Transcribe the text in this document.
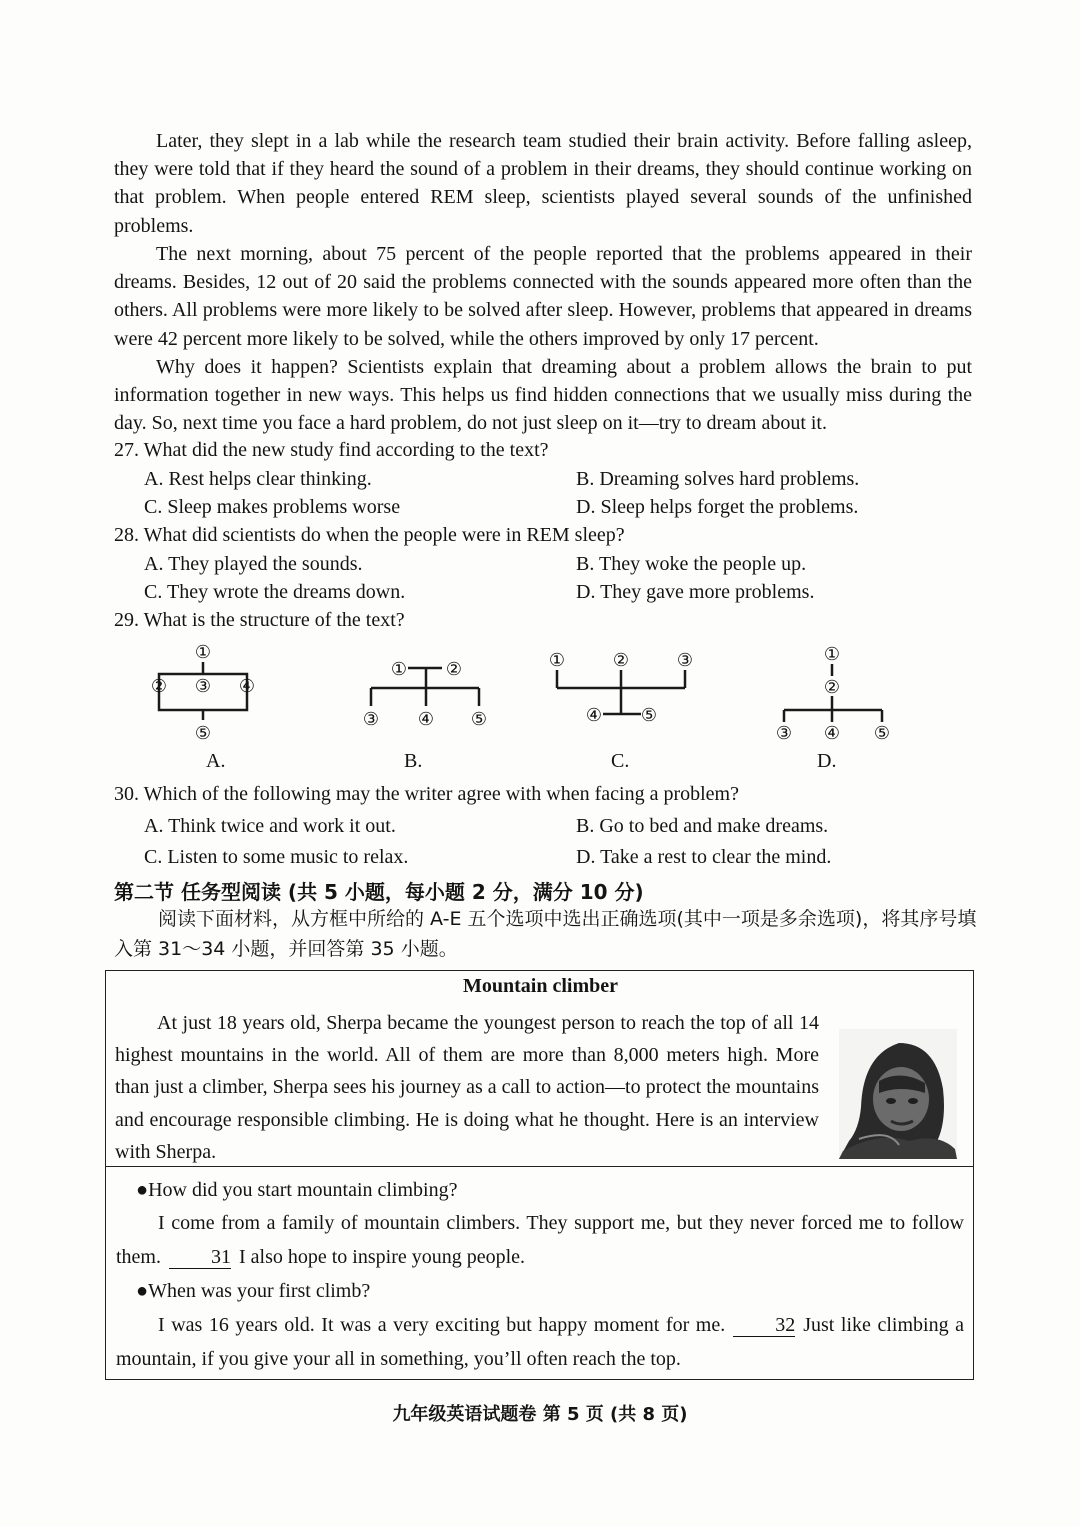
Later, they slept in a lab while the research team studied their brain activity. Before falling asleep, they were told that if they heard the sound of a problem in their dreams, they should continue working on that problem. When people entered REM sleep, scientists played several sounds of the unfinished problems.

The next morning, about 75 percent of the people reported that the problems appeared in their dreams. Besides, 12 out of 20 said the problems connected with the sounds appeared more often than the others. All problems were more likely to be solved after sleep. However, problems that appeared in dreams were 42 percent more likely to be solved, while the others improved by only 17 percent.

Why does it happen? Scientists explain that dreaming about a problem allows the brain to put information together in new ways. This helps us find hidden connections that we usually miss during the day. So, next time you face a hard problem, do not just sleep on it—try to dream about it.

27. What did the new study find according to the text?

A. Rest helps clear thinking.	B. Dreaming solves hard problems.
C. Sleep makes problems worse	D. Sleep helps forget the problems.

28. What did scientists do when the people were in REM sleep?

A. They played the sounds.	B. They woke the people up.
C. They wrote the dreams down.	D. They gave more problems.

29. What is the structure of the text?

①
② ③ ④
⑤
A.
① ②
③ ④ ⑤
B.
①	②	③
④ ⑤
C.
①
②
③ ④ ⑤
D.

30. Which of the following may the writer agree with when facing a problem?

A. Think twice and work it out.	B. Go to bed and make dreams.
C. Listen to some music to relax.	D. Take a rest to clear the mind.
第二节 任务型阅读 (共 5 小题，每小题 2 分，满分 10 分)

阅读下面材料，从方框中所给的 A-E 五个选项中选出正确选项(其中一项是多余选项)，将其序号填入第 31～34 小题，并回答第 35 小题。

Mountain climber

At just 18 years old, Sherpa became the youngest person to reach the top of all 14 highest mountains in the world. All of them are more than 8,000 meters high. More than just a climber, Sherpa sees his journey as a call to action—to protect the mountains and encourage responsible climbing. He is doing what he thought. Here is an interview with Sherpa.

●How did you start mountain climbing?

I come from a family of mountain climbers. They support me, but they never forced me to follow them.	31 I also hope to inspire young people.

●When was your first climb?

I was 16 years old. It was a very exciting but happy moment for me.	32 Just like climbing a mountain, if you give your all in something, you’ll often reach the top.

九年级英语试题卷 第 5 页 (共 8 页)
